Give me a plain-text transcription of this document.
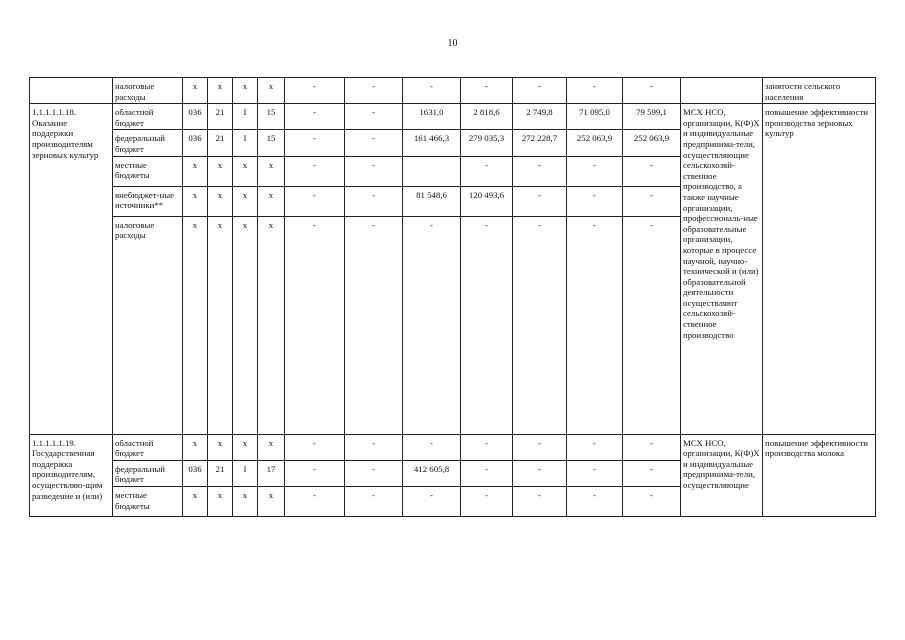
10
	налоговые расходы	х	х	х	х	-	-	-	-	-	-	-		занятости сельского населения
1.1.1.1.1.18. Оказание поддержки производителям зерновых культур	областной бюджет	036	21	I	15	-	-	1631,0	2 818,6	2 749,8	71 095,0	79 599,1	МСХ НСО, организации, К(Ф)Х и индивидуальные предпринима-тели, осуществляющие сельскохозяй-ственное производство, а также научные организации, профессиональ-ные образовательные организации, которые в процессе научной, научно-технической и (или) образовательной деятельности осуществляют сельскохозяй-ственное производство	повышение эффективности производства зерновых культур
	федеральный бюджет	036	21	I	15	-	-	161 466,3	279 035,3	272 228,7	252 063,9	252 063,9		
	местные бюджеты	х	х	х	х	-	-		-	-	-	-		
	внебюджет-ные источники**	х	х	х	х	-	-	81 548,6	120 493,6	-	-	-		
	налоговые расходы	х	х	х	х	-	-	-	-	-	-	-		
1.1.1.1.1.19. Государственная поддержка производителям, осуществляю-щим разведение и (или)	областной бюджет	х	х	х	х	-	-	-	-	-	-	-	МСХ НСО, организации, К(Ф)Х и индивидуальные предпринима-тели, осуществляющие	повышение эффективности производства молока
	федеральный бюджет	036	21	I	17	-	-	412 605,8	-	-	-	-		
	местные бюджеты	х	х	х	х	-	-	-	-	-	-	-		
